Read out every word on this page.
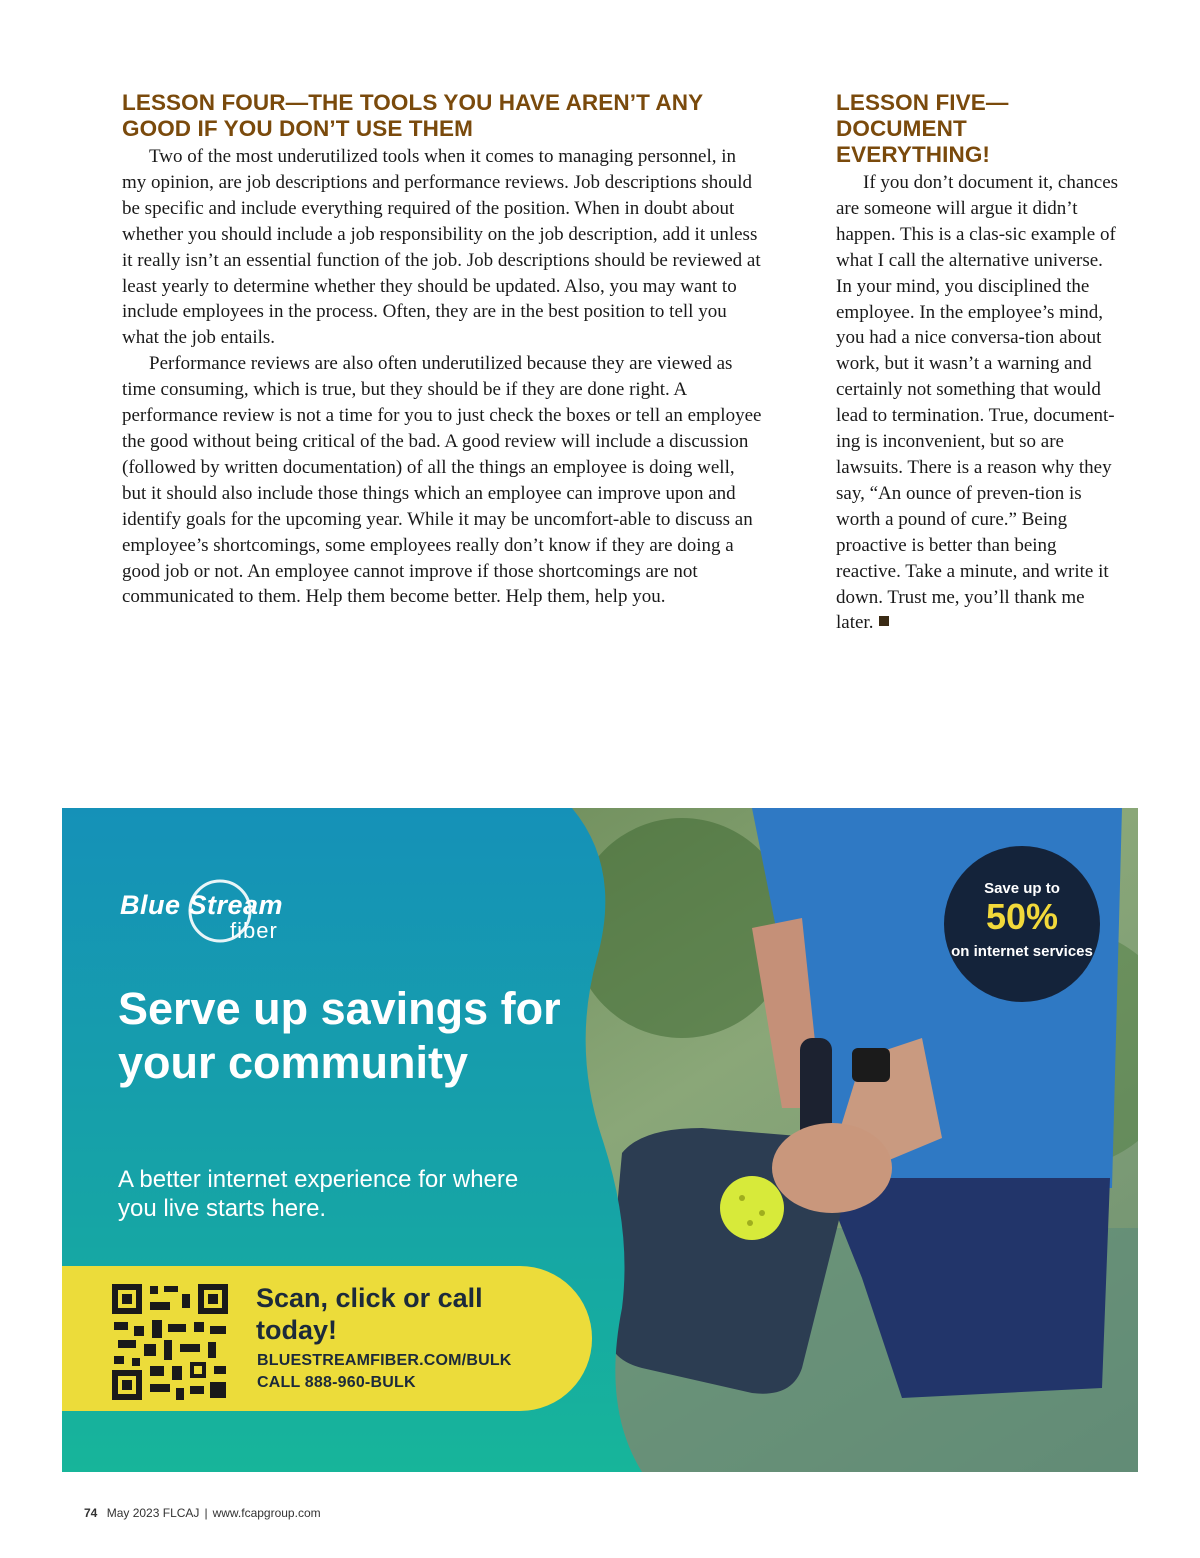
LESSON FOUR—THE TOOLS YOU HAVE AREN’T ANY GOOD IF YOU DON’T USE THEM

Two of the most underutilized tools when it comes to managing personnel, in my opinion, are job descriptions and performance reviews. Job descriptions should be specific and include everything required of the position. When in doubt about whether you should include a job responsibility on the job description, add it unless it really isn’t an essential function of the job. Job descriptions should be reviewed at least yearly to determine whether they should be updated. Also, you may want to include employees in the process. Often, they are in the best position to tell you what the job entails.

Performance reviews are also often underutilized because they are viewed as time consuming, which is true, but they should be if they are done right. A performance review is not a time for you to just check the boxes or tell an employee the good without being critical of the bad. A good review will include a discussion (followed by written documentation) of all the things an employee is doing well, but it should also include those things which an employee can improve upon and identify goals for the upcoming year. While it may be uncomfort-able to discuss an employee’s shortcomings, some employees really don’t know if they are doing a good job or not. An employee cannot improve if those shortcomings are not communicated to them. Help them become better. Help them, help you.

LESSON FIVE—DOCUMENT EVERYTHING!

If you don’t document it, chances are someone will argue it didn’t happen. This is a clas-sic example of what I call the alternative universe. In your mind, you disciplined the employee. In the employee’s mind, you had a nice conversa-tion about work, but it wasn’t a warning and certainly not something that would lead to termination. True, document-ing is inconvenient, but so are lawsuits. There is a reason why they say, “An ounce of preven-tion is worth a pound of cure.” Being proactive is better than being reactive. Take a minute, and write it down. Trust me, you’ll thank me later.

Blue Stream
fiber
Serve up savings for your community

A better internet experience for where you live starts here.

Scan, click or call today!

BLUESTREAMFIBER.COM/BULK
CALL 888-960-BULK
Save up to
50%
on internet services
74 May 2023 FLCAJ | www.fcapgroup.com
